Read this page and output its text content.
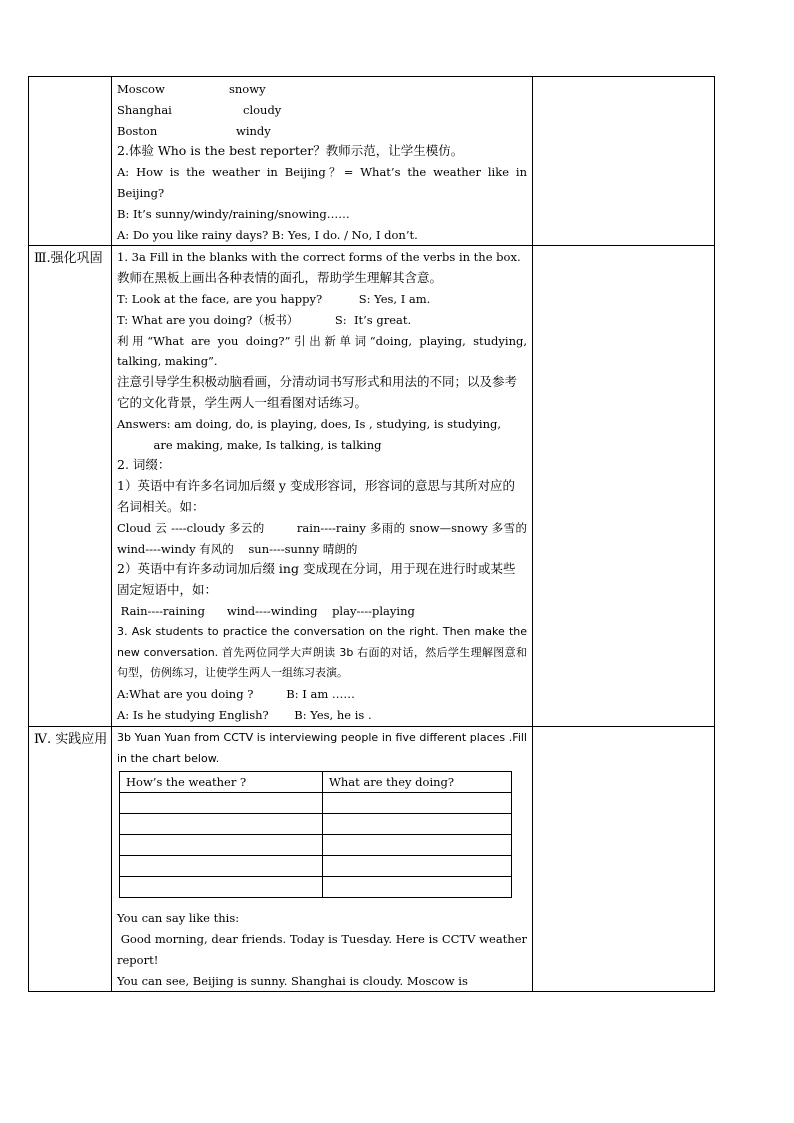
Moscow	snowy
Shanghai	cloudy
Boston	windy
2.体验 Who is the best reporter？教师示范，让学生模仿。
A: How is the weather in Beijing？= What’s the weather like in Beijing?
B: It’s sunny/windy/raining/snowing……
A: Do you like rainy days? B: Yes, I do. / No, I don’t.

Ⅲ.强化巩固	1. 3a Fill in the blanks with the correct forms of the verbs in the box.
教师在黑板上画出各种表情的面孔，帮助学生理解其含意。
T: Look at the face, are you happy?          S: Yes, I am.
T: What are you doing?（板书）          S:  It’s great.
利用“What are you doing?”引出新单词“doing, playing, studying, talking, making”.
注意引导学生积极动脑看画，分清动词书写形式和用法的不同；以及参考它的文化背景，学生两人一组看图对话练习。
Answers: am doing, do, is playing, does, Is , studying, is studying,
are making, make, Is talking, is talking
2. 词缀：
1）英语中有许多名词加后缀 y 变成形容词，形容词的意思与其所对应的名词相关。如：
Cloud 云 ----cloudy 多云的        rain----rainy 多雨的 snow—snowy 多雪的    wind----windy 有风的    sun----sunny 晴朗的
2）英语中有许多动词加后缀 ing 变成现在分词，用于现在进行时或某些固定短语中，如：
Rain----raining      wind----winding    play----playing
3. Ask students to practice the conversation on the right. Then make the new conversation. 首先两位同学大声朗读 3b 右面的对话，然后学生理解图意和句型，仿例练习，让使学生两人一组练习表演。
A:What are you doing ?         B: I am ……
A: Is he studying English?       B: Yes, he is .

Ⅳ. 实践应用	3b Yuan Yuan from CCTV is interviewing people in five different places .Fill in the chart below.
How’s the weather ?	What are they doing?

You can say like this:
Good morning, dear friends. Today is Tuesday. Here is CCTV weather report!
You can see, Beijing is sunny. Shanghai is cloudy. Moscow is
